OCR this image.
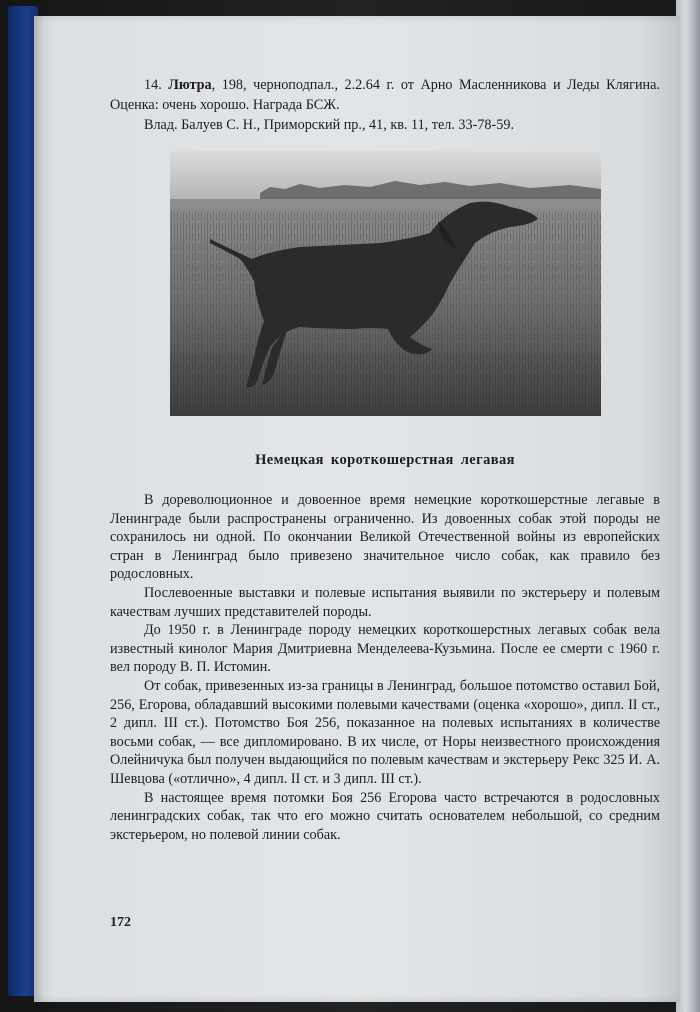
14. Лютра, 198, черноподпал., 2.2.64 г. от Арно Масленникова и Леды Клягина. Оценка: очень хорошо. Награда БСЖ.

Влад. Балуев С. Н., Приморский пр., 41, кв. 11, тел. 33-78-59.

Немецкая короткошерстная легавая

В дореволюционное и довоенное время немецкие короткошерстные легавые в Ленинграде были распространены ограниченно. Из довоенных собак этой породы не сохранилось ни одной. По окончании Великой Отечественной войны из европейских стран в Ленинград было привезено значительное число собак, как правило без родословных.

Послевоенные выставки и полевые испытания выявили по экстерьеру и полевым качествам лучших представителей породы.

До 1950 г. в Ленинграде породу немецких короткошерстных легавых собак вела известный кинолог Мария Дмитриевна Менделеева-Кузьмина. После ее смерти с 1960 г. вел породу В. П. Истомин.

От собак, привезенных из-за границы в Ленинград, большое потомство оставил Бой, 256, Егорова, обладавший высокими полевыми качествами (оценка «хорошо», дипл. II ст., 2 дипл. III ст.). Потомство Боя 256, показанное на полевых испытаниях в количестве восьми собак, — все дипломировано. В их числе, от Норы неизвестного происхождения Олейничука был получен выдающийся по полевым качествам и экстерьеру Рекс 325 И. А. Шевцова («отлично», 4 дипл. II ст. и 3 дипл. III ст.).

В настоящее время потомки Боя 256 Егорова часто встречаются в родословных ленинградских собак, так что его можно считать основателем небольшой, со средним экстерьером, но полевой линии собак.

172
